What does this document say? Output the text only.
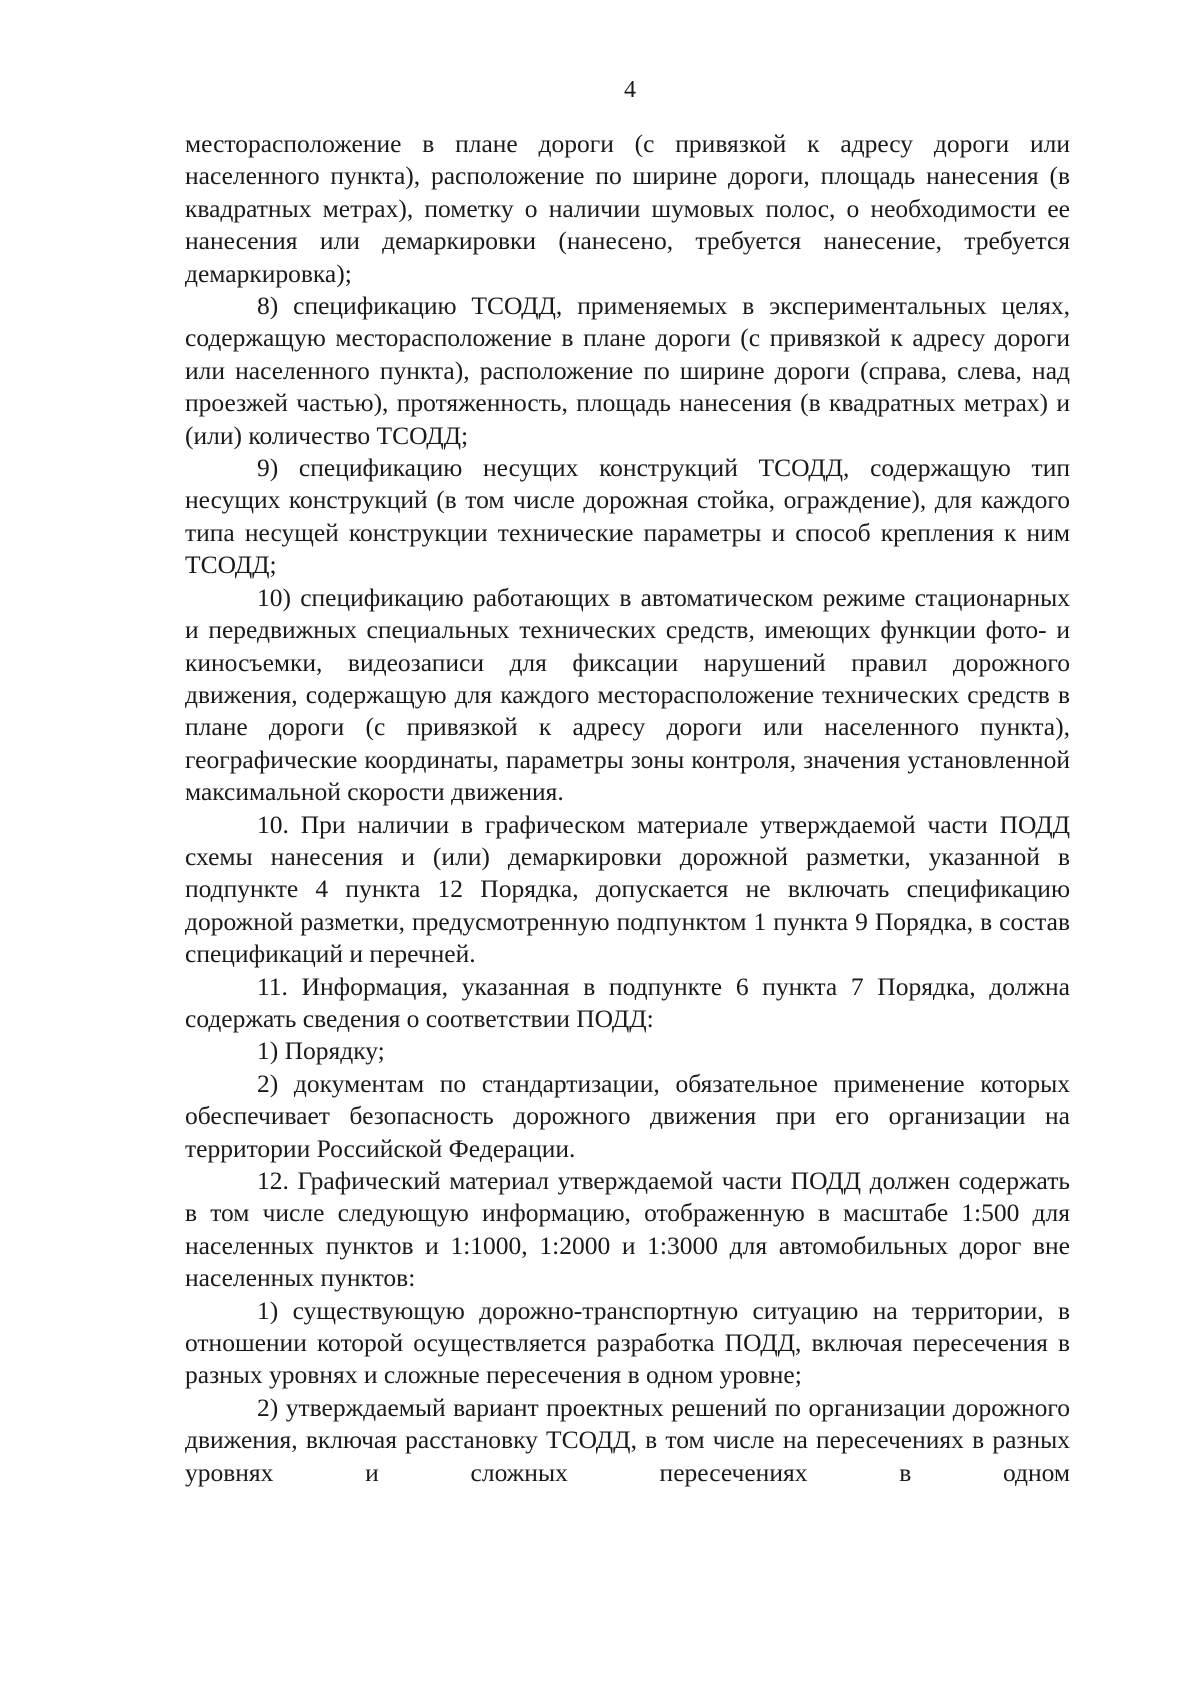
4

месторасположение в плане дороги (с привязкой к адресу дороги или населенного пункта), расположение по ширине дороги, площадь нанесения (в квадратных метрах), пометку о наличии шумовых полос, о необходимости ее нанесения или демаркировки (нанесено, требуется нанесение, требуется демаркировка);

8) спецификацию ТСОДД, применяемых в экспериментальных целях, содержащую месторасположение в плане дороги (с привязкой к адресу дороги или населенного пункта), расположение по ширине дороги (справа, слева, над проезжей частью), протяженность, площадь нанесения (в квадратных метрах) и (или) количество ТСОДД;

9) спецификацию несущих конструкций ТСОДД, содержащую тип несущих конструкций (в том числе дорожная стойка, ограждение), для каждого типа несущей конструкции технические параметры и способ крепления к ним ТСОДД;

10) спецификацию работающих в автоматическом режиме стационарных и передвижных специальных технических средств, имеющих функции фото- и киносъемки, видеозаписи для фиксации нарушений правил дорожного движения, содержащую для каждого месторасположение технических средств в плане дороги (с привязкой к адресу дороги или населенного пункта), географические координаты, параметры зоны контроля, значения установленной максимальной скорости движения.

10. При наличии в графическом материале утверждаемой части ПОДД схемы нанесения и (или) демаркировки дорожной разметки, указанной в подпункте 4 пункта 12 Порядка, допускается не включать спецификацию дорожной разметки, предусмотренную подпунктом 1 пункта 9 Порядка, в состав спецификаций и перечней.

11. Информация, указанная в подпункте 6 пункта 7 Порядка, должна содержать сведения о соответствии ПОДД:

1) Порядку;

2) документам по стандартизации, обязательное применение которых обеспечивает безопасность дорожного движения при его организации на территории Российской Федерации.

12. Графический материал утверждаемой части ПОДД должен содержать в том числе следующую информацию, отображенную в масштабе 1:500 для населенных пунктов и 1:1000, 1:2000 и 1:3000 для автомобильных дорог вне населенных пунктов:

1) существующую дорожно-транспортную ситуацию на территории, в отношении которой осуществляется разработка ПОДД, включая пересечения в разных уровнях и сложные пересечения в одном уровне;

2) утверждаемый вариант проектных решений по организации дорожного движения, включая расстановку ТСОДД, в том числе на пересечениях в разных уровнях и сложных пересечениях в одном
